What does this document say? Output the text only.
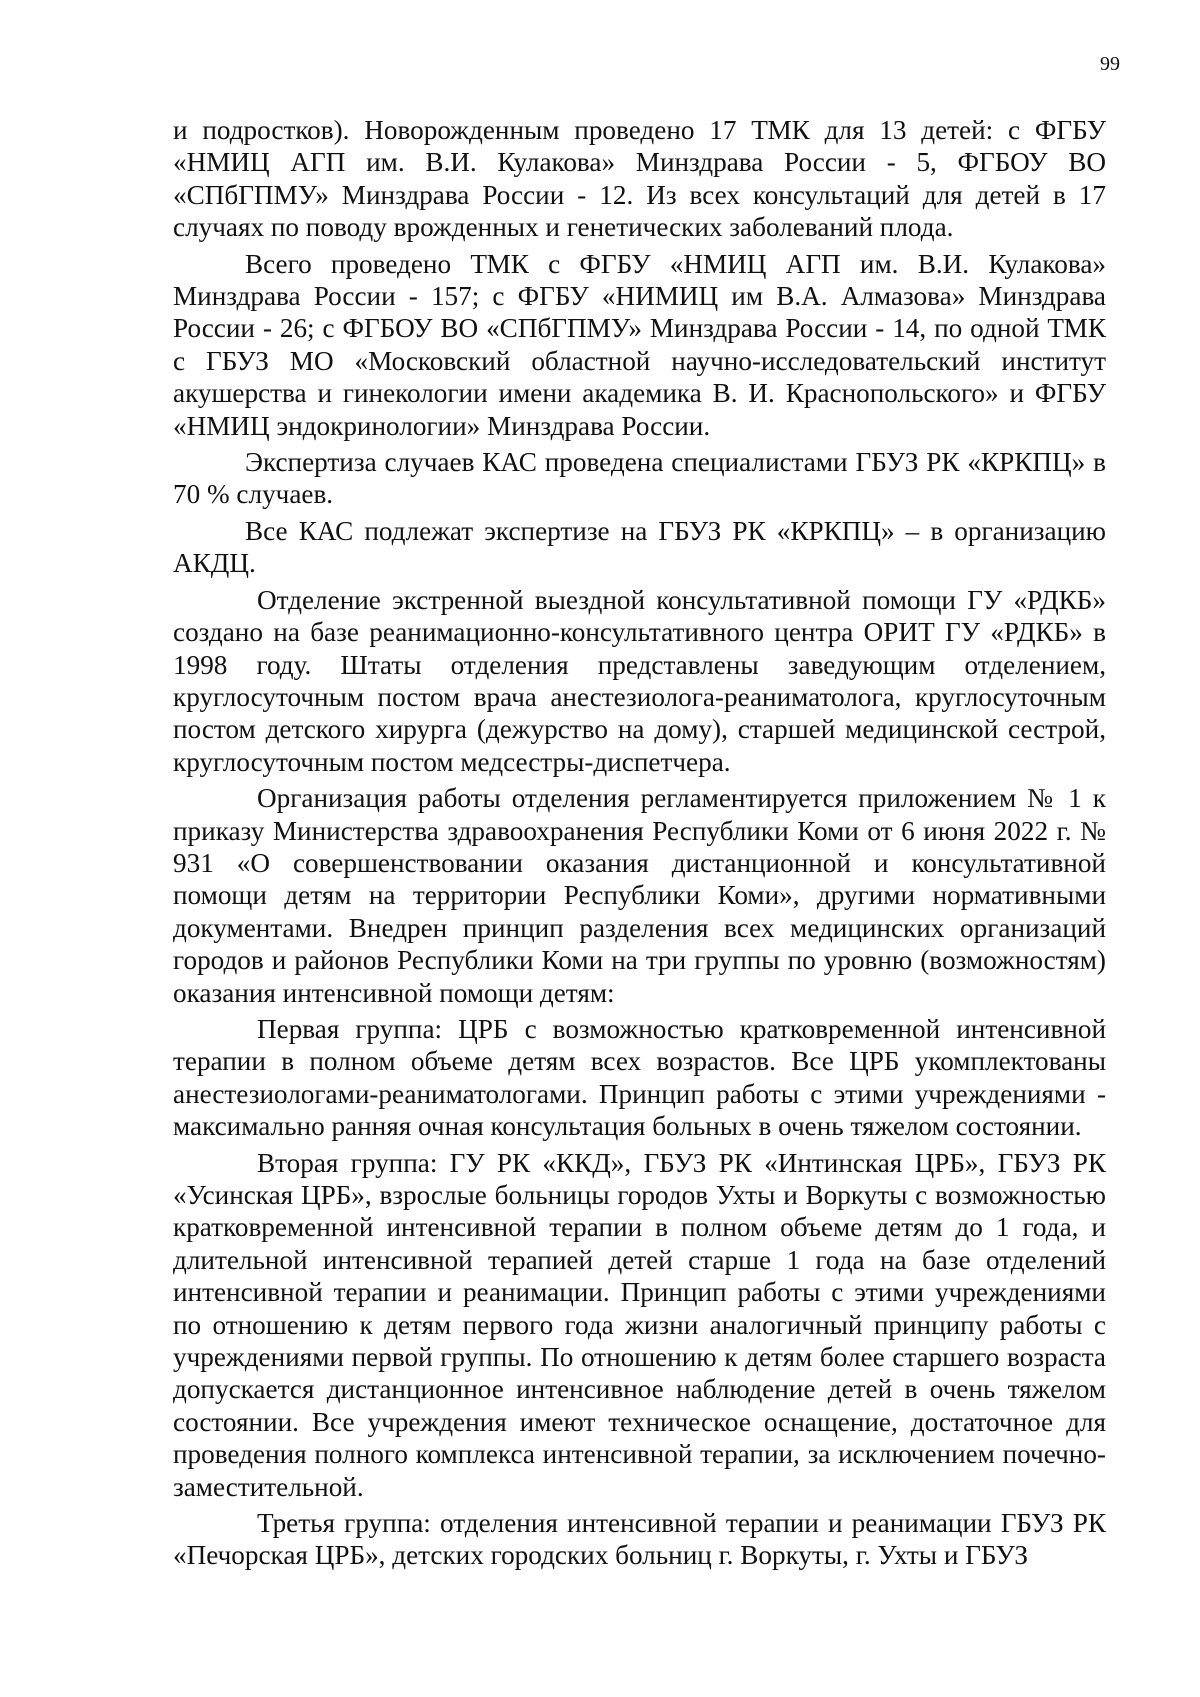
99

и подростков). Новорожденным проведено 17 ТМК для 13 детей: с ФГБУ «НМИЦ АГП им. В.И. Кулакова» Минздрава России - 5, ФГБОУ ВО «СПбГПМУ» Минздрава России - 12. Из всех консультаций для детей в 17 случаях по поводу врожденных и генетических заболеваний плода.

Всего проведено ТМК с ФГБУ «НМИЦ АГП им. В.И. Кулакова» Минздрава России - 157; с ФГБУ «НИМИЦ им В.А. Алмазова» Минздрава России - 26; с ФГБОУ ВО «СПбГПМУ» Минздрава России - 14, по одной ТМК с ГБУЗ МО «Московский областной научно-исследовательский институт акушерства и гинекологии имени академика В. И. Краснопольского» и ФГБУ «НМИЦ эндокринологии» Минздрава России.

Экспертиза случаев КАС проведена специалистами ГБУЗ РК «КРКПЦ» в 70 % случаев.

Все КАС подлежат экспертизе на ГБУЗ РК «КРКПЦ» – в организацию АКДЦ.

Отделение экстренной выездной консультативной помощи ГУ «РДКБ» создано на базе реанимационно-консультативного центра ОРИТ ГУ «РДКБ» в 1998 году. Штаты отделения представлены заведующим отделением, круглосуточным постом врача анестезиолога-реаниматолога, круглосуточным постом детского хирурга (дежурство на дому), старшей медицинской сестрой, круглосуточным постом медсестры-диспетчера.

Организация работы отделения регламентируется приложением № 1 к приказу Министерства здравоохранения Республики Коми от 6 июня 2022 г. № 931 «О совершенствовании оказания дистанционной и консультативной помощи детям на территории Республики Коми», другими нормативными документами. Внедрен принцип разделения всех медицинских организаций городов и районов Республики Коми на три группы по уровню (возможностям) оказания интенсивной помощи детям:

Первая группа: ЦРБ с возможностью кратковременной интенсивной терапии в полном объеме детям всех возрастов. Все ЦРБ укомплектованы анестезиологами-реаниматологами. Принцип работы с этими учреждениями - максимально ранняя очная консультация больных в очень тяжелом состоянии.

Вторая группа: ГУ РК «ККД», ГБУЗ РК «Интинская ЦРБ», ГБУЗ РК «Усинская ЦРБ», взрослые больницы городов Ухты и Воркуты с возможностью кратковременной интенсивной терапии в полном объеме детям до 1 года, и длительной интенсивной терапией детей старше 1 года на базе отделений интенсивной терапии и реанимации. Принцип работы с этими учреждениями по отношению к детям первого года жизни аналогичный принципу работы с учреждениями первой группы. По отношению к детям более старшего возраста допускается дистанционное интенсивное наблюдение детей в очень тяжелом состоянии. Все учреждения имеют техническое оснащение, достаточное для проведения полного комплекса интенсивной терапии, за исключением почечно- заместительной.

Третья группа: отделения интенсивной терапии и реанимации ГБУЗ РК «Печорская ЦРБ», детских городских больниц г. Воркуты, г. Ухты и ГБУЗ
